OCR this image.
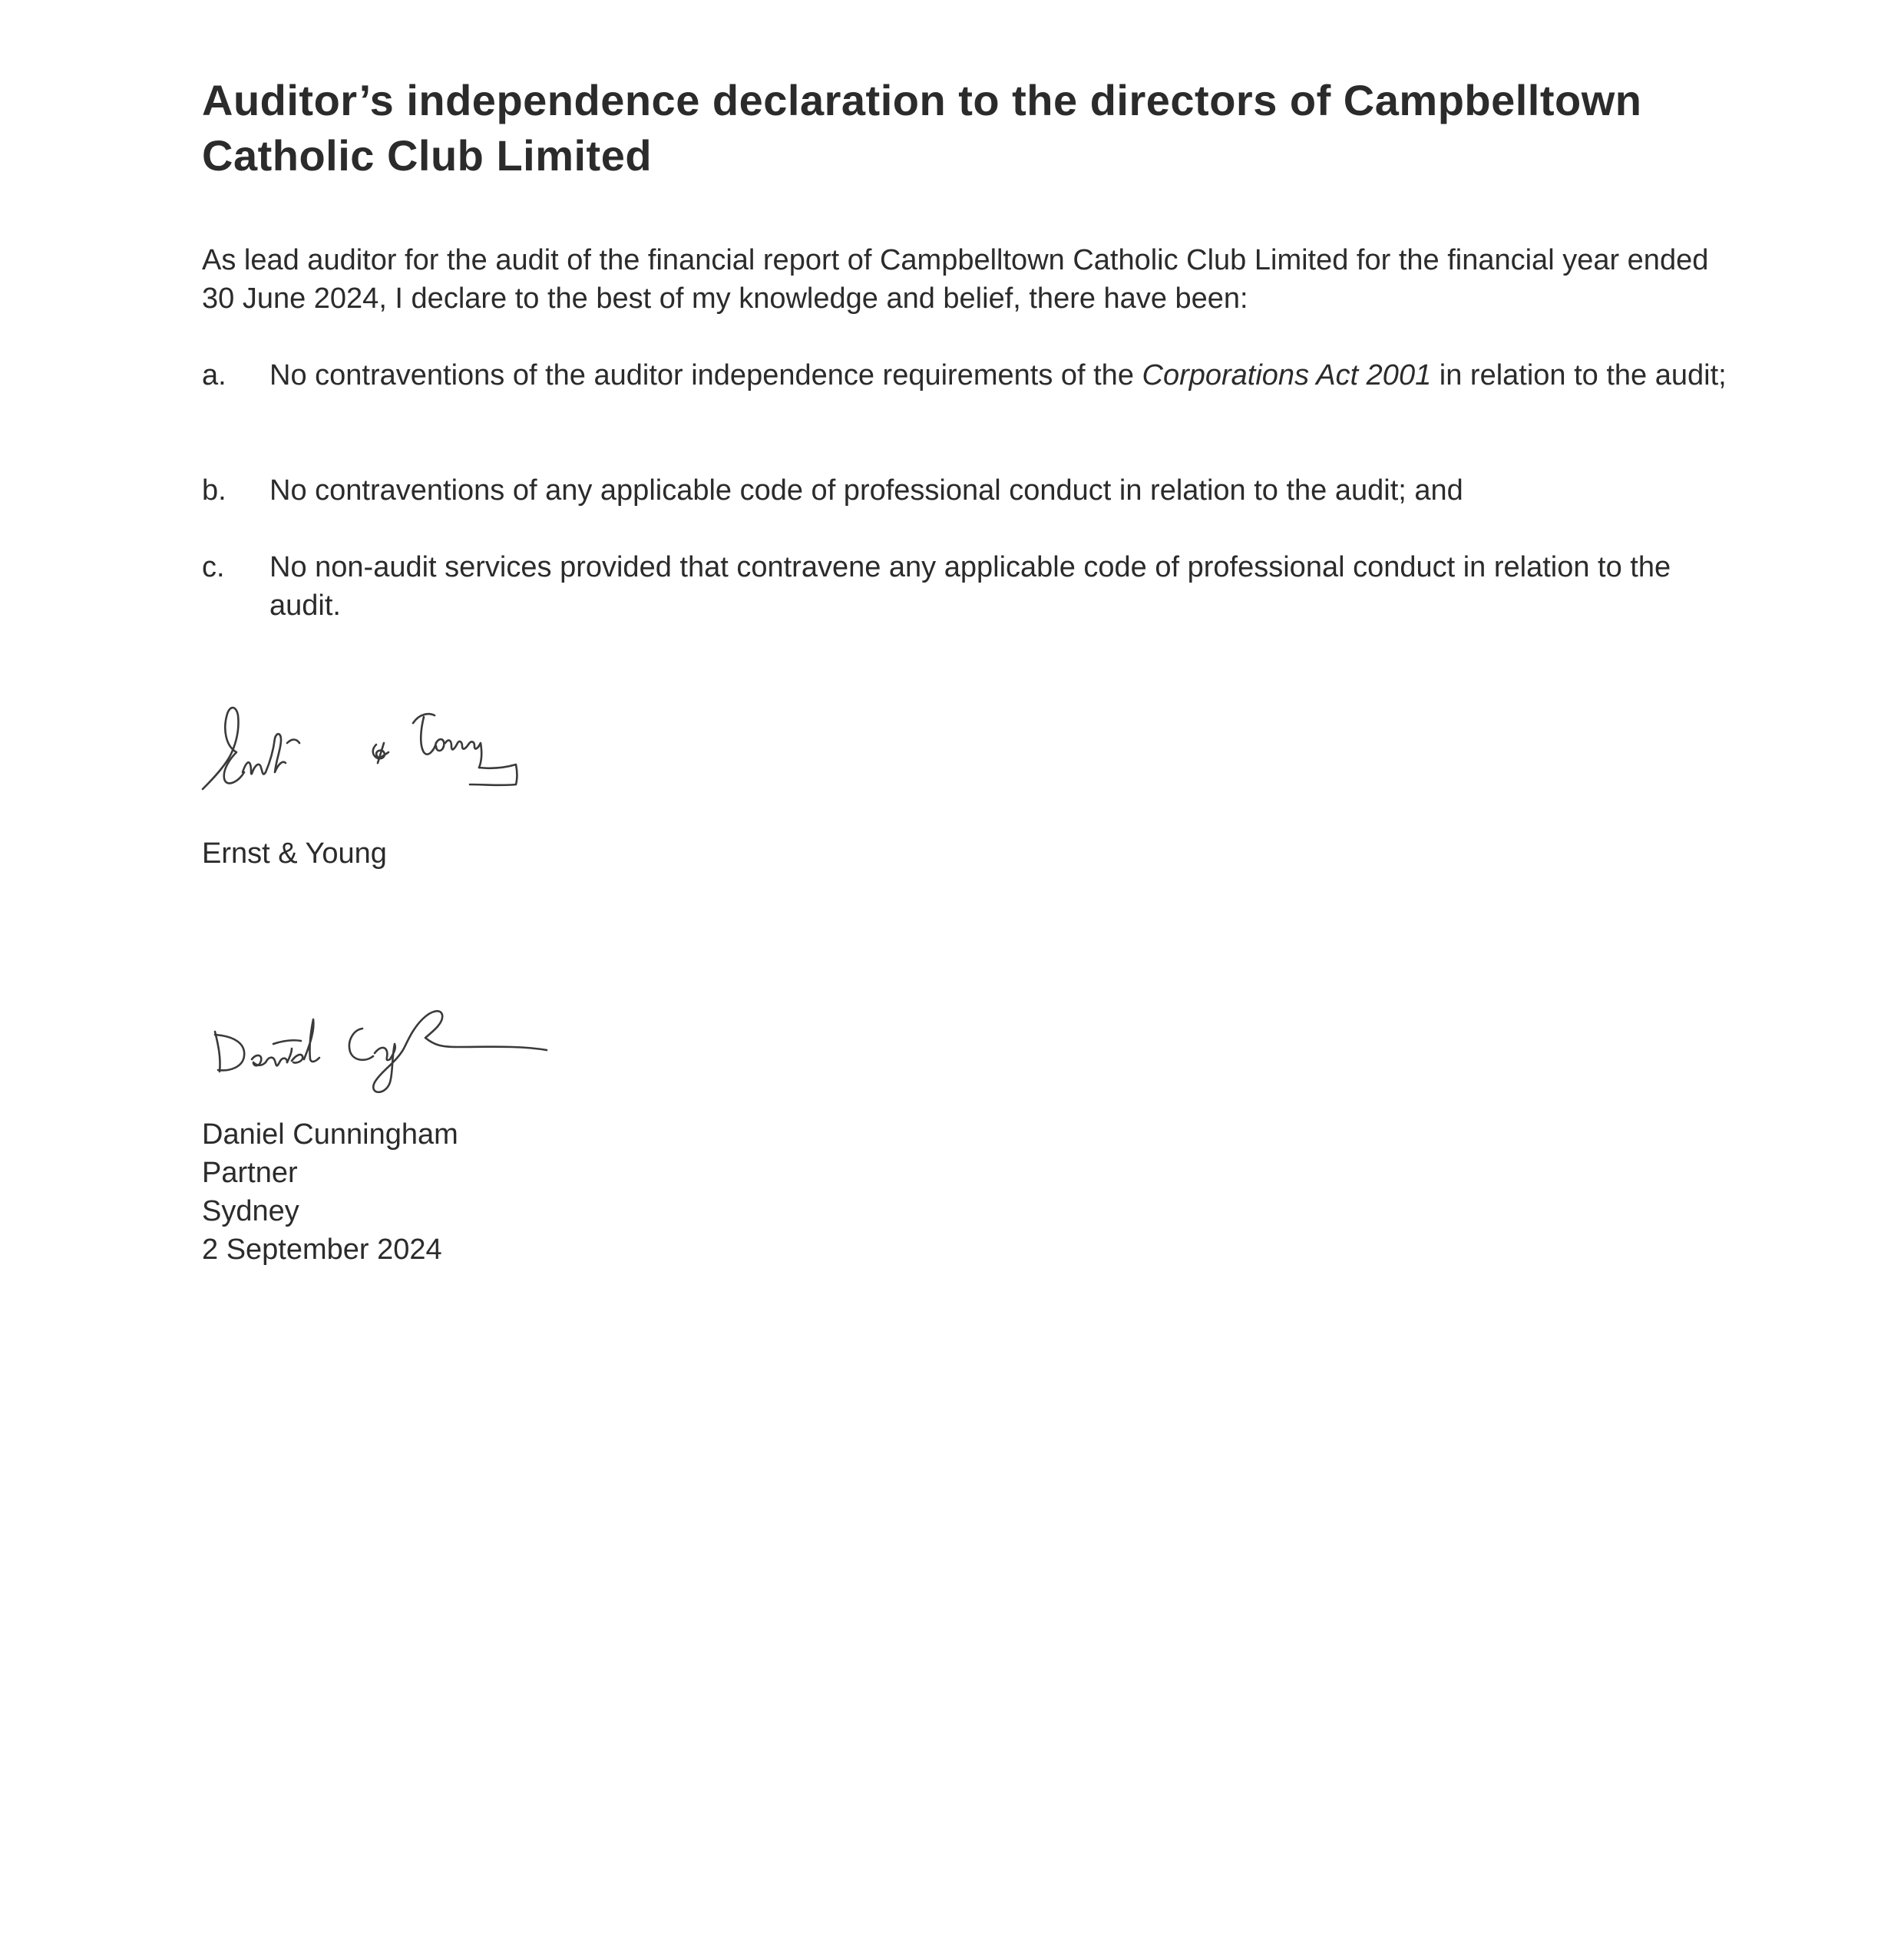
Auditor’s independence declaration to the directors of Campbelltown Catholic Club Limited

As lead auditor for the audit of the financial report of Campbelltown Catholic Club Limited for the financial year ended 30 June 2024, I declare to the best of my knowledge and belief, there have been:

a.	No contraventions of the auditor independence requirements of the Corporations Act 2001 in relation to the audit;
b.	No contraventions of any applicable code of professional conduct in relation to the audit; and
c.	No non-audit services provided that contravene any applicable code of professional conduct in relation to the audit.
Ernst & Young
Daniel Cunningham
Partner
Sydney
2 September 2024
